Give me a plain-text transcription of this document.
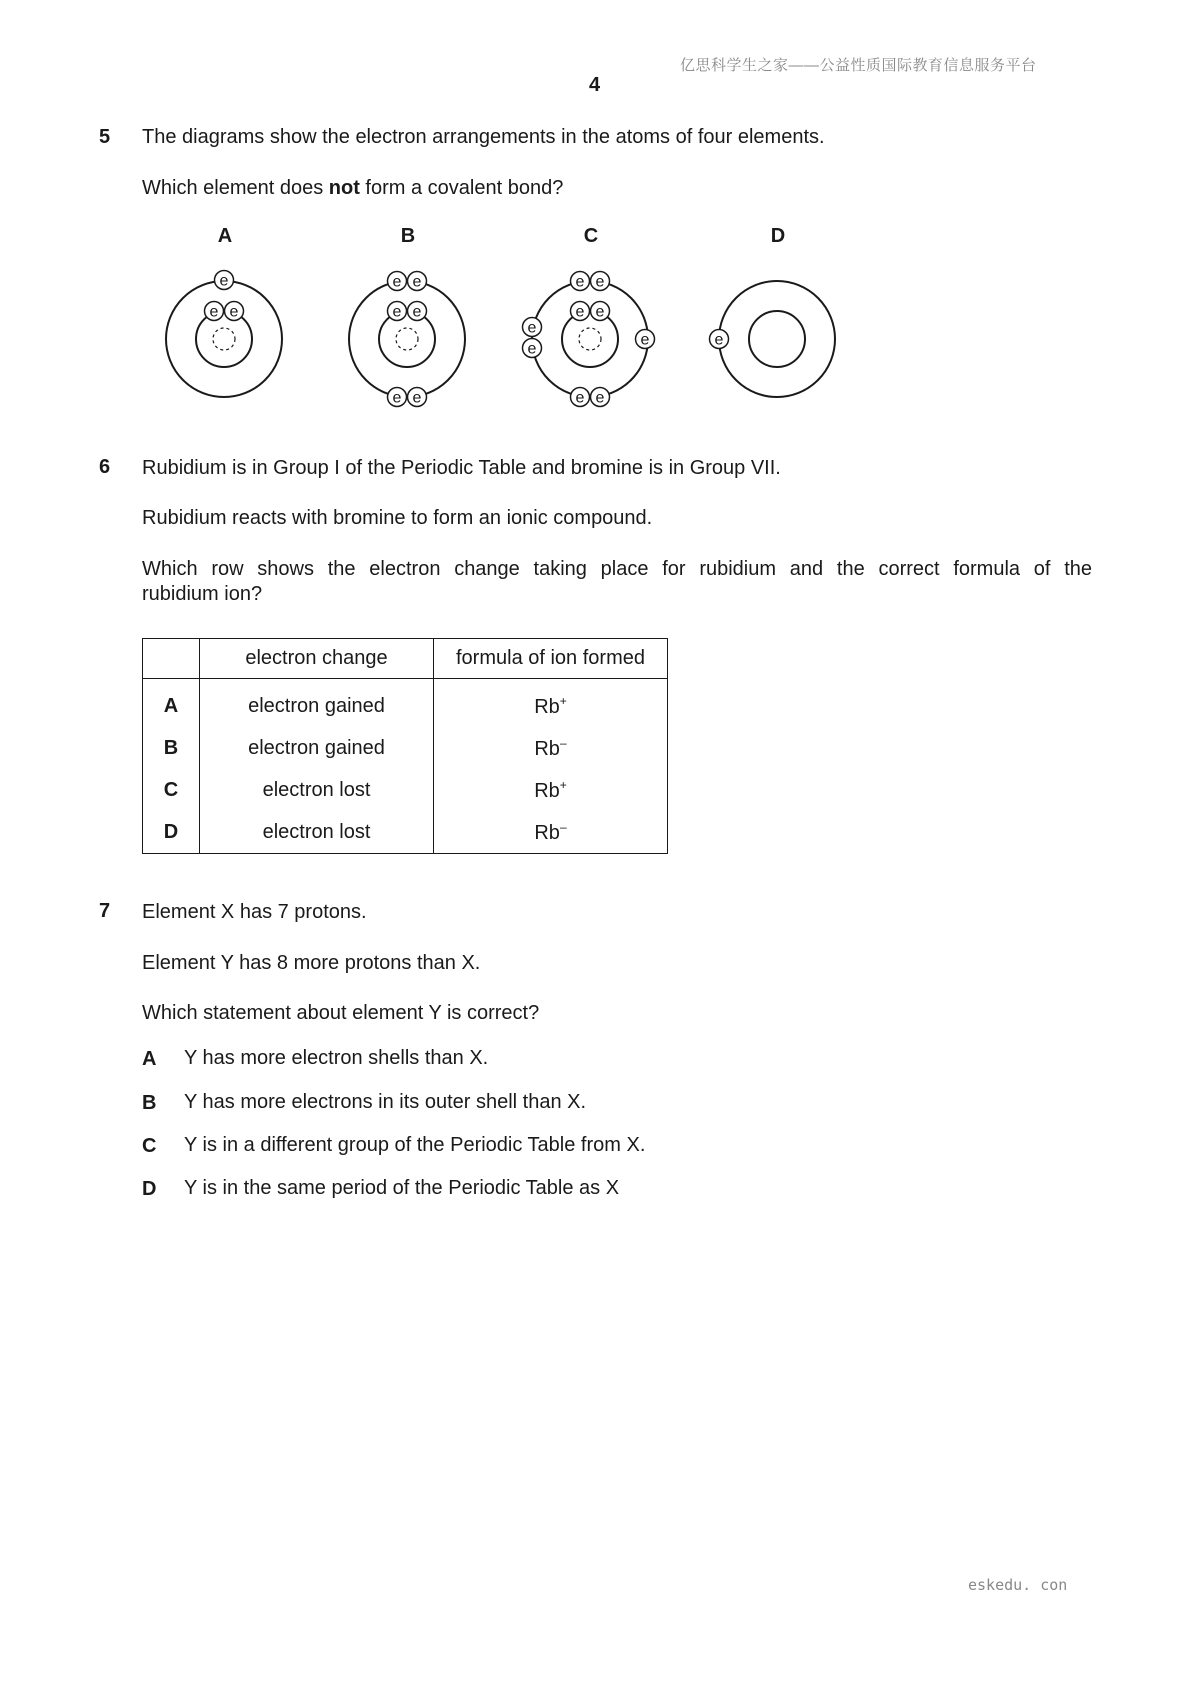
亿思科学生之家——公益性质国际教育信息服务平台
4
5 The diagrams show the electron arrangements in the atoms of four elements.
Which element does not form a covalent bond?
A	B	C	D
e
6 Rubidium is in Group I of the Periodic Table and bromine is in Group VII.
Rubidium reacts with bromine to form an ionic compound.
Which row shows the electron change taking place for rubidium and the correct formula of the
rubidium ion?
	electron change	formula of ion formed
A	electron gained	Rb+
B	electron gained	Rb–
C	electron lost	Rb+
D	electron lost	Rb–
7 Element X has 7 protons.
Element Y has 8 more protons than X.
Which statement about element Y is correct?
A Y has more electron shells than X.
B Y has more electrons in its outer shell than X.
C Y is in a different group of the Periodic Table from X.
D Y is in the same period of the Periodic Table as X
eskedu. con
